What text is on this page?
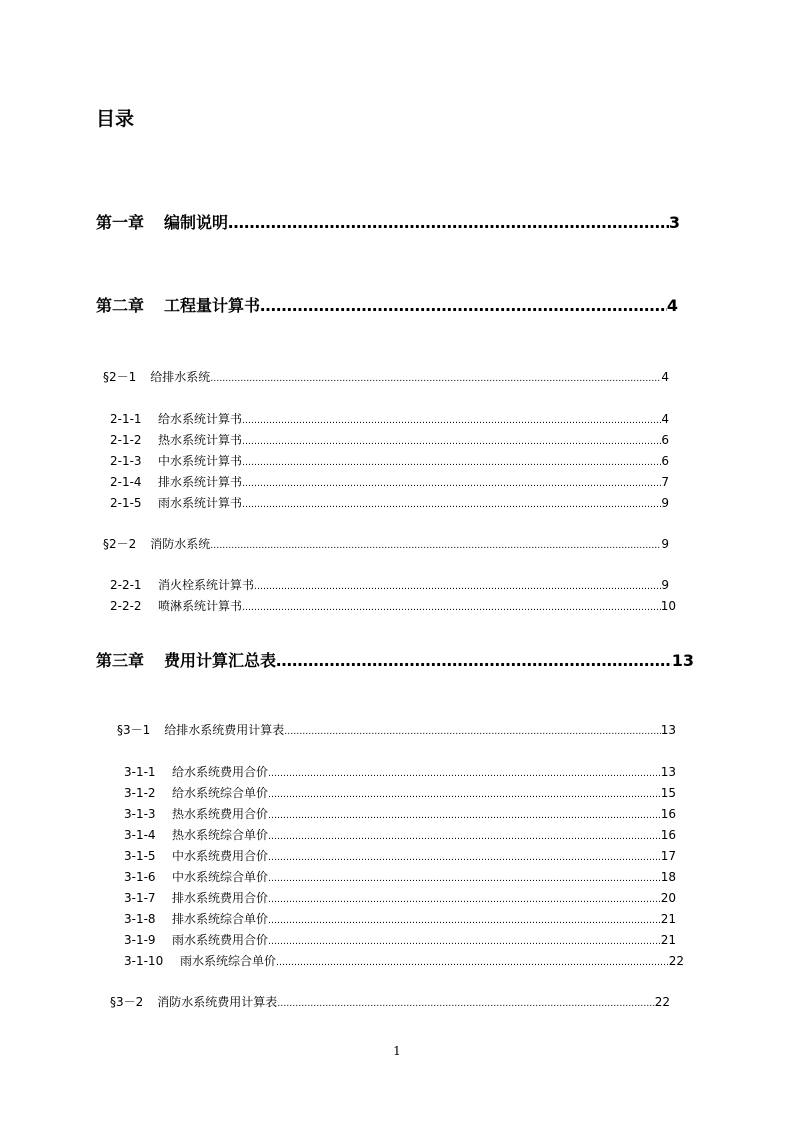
目录
第一章 编制说明 ……………………………………………………………………………………………………………………………………………………………………………………………………………………………………………………………………	3
第二章 工程量计算书 ……………………………………………………………………………………………………………………………………………………………………………………………………………………………………………………………………	4
§2－1 给排水系统 ……………………………………………………………………………………………………………………………………………………………………………………………………………………………………………………………………	4
2-1-1	给水系统计算书 ……………………………………………………………………………………………………………………………………………………………………………………………………………………………………………………………………	4
2-1-2	热水系统计算书 ……………………………………………………………………………………………………………………………………………………………………………………………………………………………………………………………………	6
2-1-3	中水系统计算书 ……………………………………………………………………………………………………………………………………………………………………………………………………………………………………………………………………	6
2-1-4	排水系统计算书 ……………………………………………………………………………………………………………………………………………………………………………………………………………………………………………………………………	7
2-1-5	雨水系统计算书 ……………………………………………………………………………………………………………………………………………………………………………………………………………………………………………………………………	9
§2－2 消防水系统 ……………………………………………………………………………………………………………………………………………………………………………………………………………………………………………………………………	9
2-2-1	消火栓系统计算书 ……………………………………………………………………………………………………………………………………………………………………………………………………………………………………………………………………	9
2-2-2	喷淋系统计算书 ……………………………………………………………………………………………………………………………………………………………………………………………………………………………………………………………………	10
第三章 费用计算汇总表 ……………………………………………………………………………………………………………………………………………………………………………………………………………………………………………………………………	13
§3－1 给排水系统费用计算表 ……………………………………………………………………………………………………………………………………………………………………………………………………………………………………………………………………	13
3-1-1	给水系统费用合价 ……………………………………………………………………………………………………………………………………………………………………………………………………………………………………………………………………	13
3-1-2	给水系统综合单价 ……………………………………………………………………………………………………………………………………………………………………………………………………………………………………………………………………	15
3-1-3	热水系统费用合价 ……………………………………………………………………………………………………………………………………………………………………………………………………………………………………………………………………	16
3-1-4	热水系统综合单价 ……………………………………………………………………………………………………………………………………………………………………………………………………………………………………………………………………	16
3-1-5	中水系统费用合价 ……………………………………………………………………………………………………………………………………………………………………………………………………………………………………………………………………	17
3-1-6	中水系统综合单价 ……………………………………………………………………………………………………………………………………………………………………………………………………………………………………………………………………	18
3-1-7	排水系统费用合价 ……………………………………………………………………………………………………………………………………………………………………………………………………………………………………………………………………	20
3-1-8	排水系统综合单价 ……………………………………………………………………………………………………………………………………………………………………………………………………………………………………………………………………	21
3-1-9	雨水系统费用合价 ……………………………………………………………………………………………………………………………………………………………………………………………………………………………………………………………………	21
3-1-10	雨水系统综合单价 ……………………………………………………………………………………………………………………………………………………………………………………………………………………………………………………………………	22
§3－2 消防水系统费用计算表 ……………………………………………………………………………………………………………………………………………………………………………………………………………………………………………………………………	22
1
